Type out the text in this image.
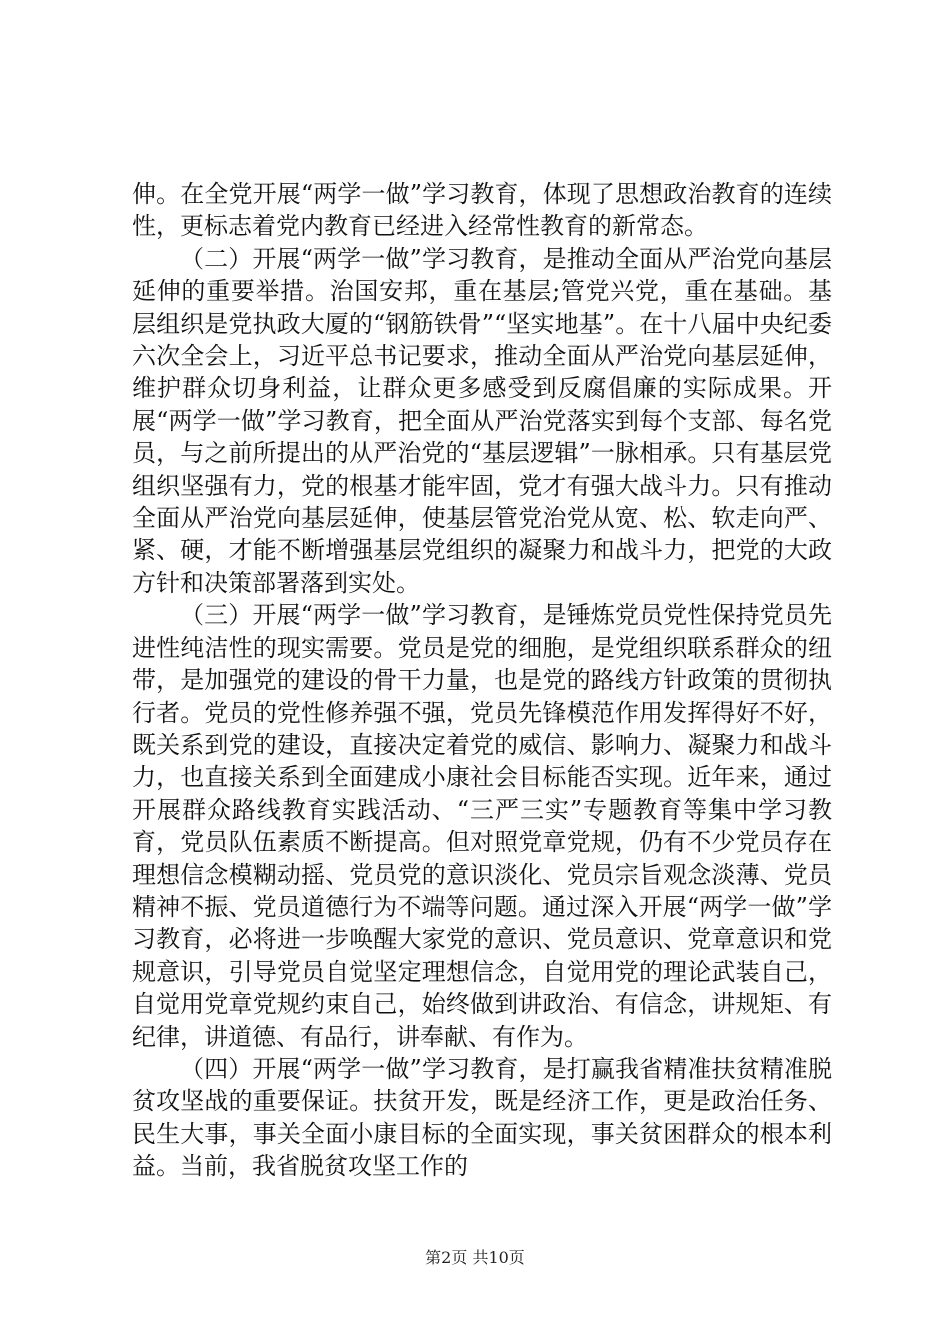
伸。在全党开展“两学一做”学习教育，体现了思想政治教育的连续性，更标志着党内教育已经进入经常性教育的新常态。

（二）开展“两学一做”学习教育，是推动全面从严治党向基层延伸的重要举措。治国安邦，重在基层;管党兴党，重在基础。基层组织是党执政大厦的“钢筋铁骨”“坚实地基”。在十八届中央纪委六次全会上，习近平总书记要求，推动全面从严治党向基层延伸，维护群众切身利益，让群众更多感受到反腐倡廉的实际成果。开展“两学一做”学习教育，把全面从严治党落实到每个支部、每名党员，与之前所提出的从严治党的“基层逻辑”一脉相承。只有基层党组织坚强有力，党的根基才能牢固，党才有强大战斗力。只有推动全面从严治党向基层延伸，使基层管党治党从宽、松、软走向严、紧、硬，才能不断增强基层党组织的凝聚力和战斗力，把党的大政方针和决策部署落到实处。

（三）开展“两学一做”学习教育，是锤炼党员党性保持党员先进性纯洁性的现实需要。党员是党的细胞，是党组织联系群众的纽带，是加强党的建设的骨干力量，也是党的路线方针政策的贯彻执行者。党员的党性修养强不强，党员先锋模范作用发挥得好不好，既关系到党的建设，直接决定着党的威信、影响力、凝聚力和战斗力，也直接关系到全面建成小康社会目标能否实现。近年来，通过开展群众路线教育实践活动、“三严三实”专题教育等集中学习教育，党员队伍素质不断提高。但对照党章党规，仍有不少党员存在理想信念模糊动摇、党员党的意识淡化、党员宗旨观念淡薄、党员精神不振、党员道德行为不端等问题。通过深入开展“两学一做”学习教育，必将进一步唤醒大家党的意识、党员意识、党章意识和党规意识，引导党员自觉坚定理想信念，自觉用党的理论武装自己，自觉用党章党规约束自己，始终做到讲政治、有信念，讲规矩、有纪律，讲道德、有品行，讲奉献、有作为。

（四）开展“两学一做”学习教育，是打赢我省精准扶贫精准脱贫攻坚战的重要保证。扶贫开发，既是经济工作，更是政治任务、民生大事，事关全面小康目标的全面实现，事关贫困群众的根本利益。当前，我省脱贫攻坚工作的

第2页 共10页
